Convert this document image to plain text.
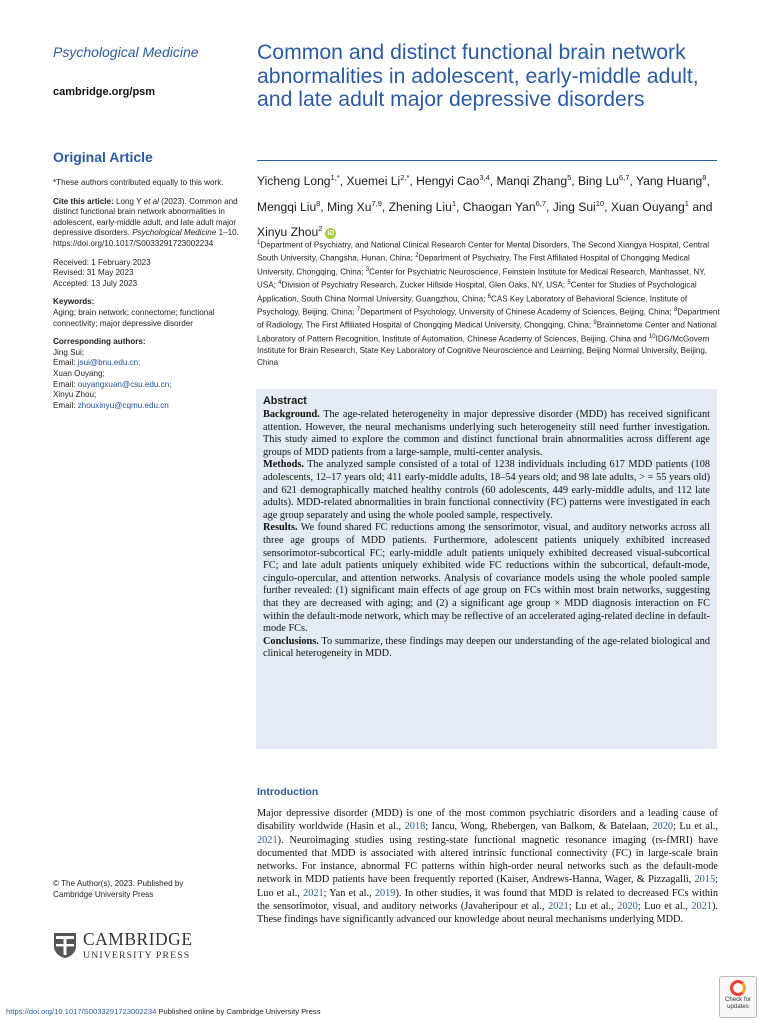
Psychological Medicine
cambridge.org/psm
Original Article

*These authors contributed equally to this work.

Cite this article: Long Y et al (2023). Common and distinct functional brain network abnormalities in adolescent, early-middle adult, and late adult major depressive disorders. Psychological Medicine 1–10. https://doi.org/10.1017/S0033291723002234

Received: 1 February 2023
Revised: 31 May 2023
Accepted: 13 July 2023

Keywords:
Aging; brain network; connectome; functional connectivity; major depressive disorder

Corresponding authors:
Jing Sui;
Email: jsui@bnu.edu.cn;
Xuan Ouyang;
Email: ouyangxuan@csu.edu.cn;
Xinyu Zhou;
Email: zhouxinyu@cqmu.edu.cn

© The Author(s), 2023. Published by

Cambridge University Press

CAMBRIDGE
UNIVERSITY PRESS
https://doi.org/10.1017/S0033291723002234 Published online by Cambridge University Press
Common and distinct functional brain network abnormalities in adolescent, early-middle adult, and late adult major depressive disorders
Yicheng Long$^{1,*}$, Xuemei $Li^{2,*}$, Hengyi Cao$^{3,4}$, Manqi Zhang$^5$, Bing Lu$^{6,7}$, Yang Huang$^8$, Mengqi Liu$^8$, Ming Xu$^{7,9}$, Zhening Liu$^1$, Chaogan Yan$^{6,7}$, Jing Sui$^{10}$, Xuan Ouyang$^1$ and Xinyu Zhou$^2$ iD
$^1$Department of Psychiatry, and National Clinical Research Center for Mental Disorders, The Second Xiangya Hospital, Central South University, Changsha, Hunan, China; $^2$Department of Psychiatry, The First Affiliated Hospital of Chongqing Medical University, Chongqing, China; $^3$Center for Psychiatric Neuroscience, Feinstein Institute for Medical Research, Manhasset, NY, USA; $^4$Division of Psychiatry Research, Zucker Hillside Hospital, Glen Oaks, NY, USA; $^5$Center for Studies of Psychological Application, South China Normal University, Guangzhou, China; $^6$CAS Key Laboratory of Behavioral Science, Institute of Psychology, Beijing, China; $^7$Department of Psychology, University of Chinese Academy of Sciences, Beijing, China; $^8$Department of Radiology, The First Affiliated Hospital of Chongqing Medical University, Chongqing, China; $^9$Brainnetome Center and National Laboratory of Pattern Recognition, Institute of Automation, Chinese Academy of Sciences, Beijing, China and $^{10}$IDG/McGovern Institute for Brain Research, State Key Laboratory of Cognitive Neuroscience and Learning, Beijing Normal University, Beijing, China
Abstract

Background. The age-related heterogeneity in major depressive disorder (MDD) has received significant attention. However, the neural mechanisms underlying such heterogeneity still need further investigation. This study aimed to explore the common and distinct functional brain abnormalities across different age groups of MDD patients from a large-sample, multi-center analysis.

Methods. The analyzed sample consisted of a total of 1238 individuals including 617 MDD patients (108 adolescents, 12–17 years old; 411 early-middle adults, 18–54 years old; and 98 late adults, > = 55 years old) and 621 demographically matched healthy controls (60 adolescents, 449 early-middle adults, and 112 late adults). MDD-related abnormalities in brain functional connectivity (FC) patterns were investigated in each age group separately and using the whole pooled sample, respectively.

Results. We found shared FC reductions among the sensorimotor, visual, and auditory networks across all three age groups of MDD patients. Furthermore, adolescent patients uniquely exhibited increased sensorimotor-subcortical FC; early-middle adult patients uniquely exhibited decreased visual-subcortical FC; and late adult patients uniquely exhibited wide FC reductions within the subcortical, default-mode, cingulo-opercular, and attention networks. Analysis of covariance models using the whole pooled sample further revealed: (1) significant main effects of age group on FCs within most brain networks, suggesting that they are decreased with aging; and (2) a significant age group × MDD diagnosis interaction on FC within the default-mode network, which may be reflective of an accelerated aging-related decline in default-mode FCs.

Conclusions. To summarize, these findings may deepen our understanding of the age-related biological and clinical heterogeneity in MDD.

Introduction
Major depressive disorder (MDD) is one of the most common psychiatric disorders and a leading cause of disability worldwide (Hasin et al., 2018; Iancu, Wong, Rhebergen, van Balkom, & Batelaan, 2020; Lu et al., 2021). Neuroimaging studies using resting-state functional magnetic resonance imaging (rs-fMRI) have documented that MDD is associated with altered intrinsic functional connectivity (FC) in large-scale brain networks. For instance, abnormal FC patterns within high-order neural networks such as the default-mode network in MDD patients have been frequently reported (Kaiser, Andrews-Hanna, Wager, & Pizzagalli, 2015; Luo et al., 2021; Yan et al., 2019). In other studies, it was found that MDD is related to decreased FCs within the sensorimotor, visual, and auditory networks (Javaheripour et al., 2021; Lu et al., 2020; Luo et al., 2021). These findings have significantly advanced our knowledge about neural mechanisms underlying MDD.
Check for
updates
